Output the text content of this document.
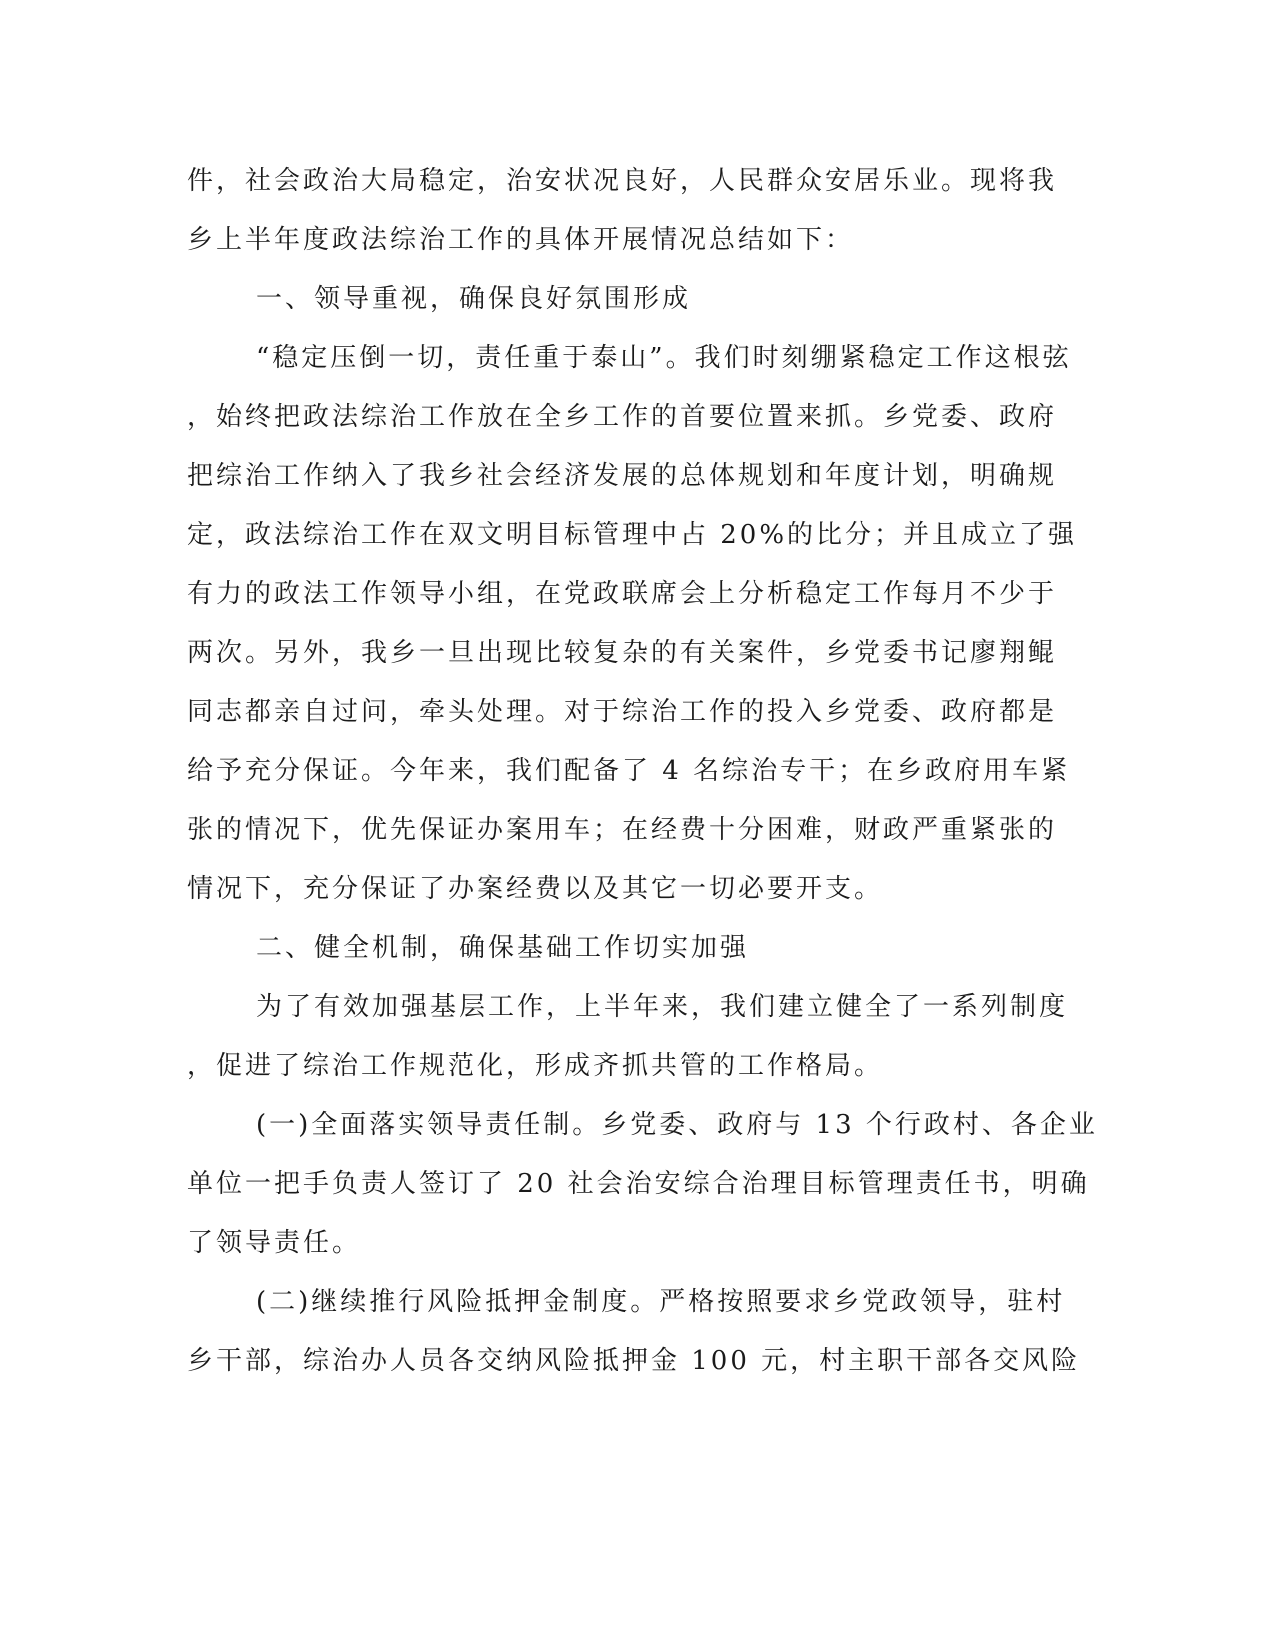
件，社会政治大局稳定，治安状况良好，人民群众安居乐业。现将我

乡上半年度政法综治工作的具体开展情况总结如下：

一、领导重视，确保良好氛围形成

“稳定压倒一切，责任重于泰山”。我们时刻绷紧稳定工作这根弦

，始终把政法综治工作放在全乡工作的首要位置来抓。乡党委、政府

把综治工作纳入了我乡社会经济发展的总体规划和年度计划，明确规

定，政法综治工作在双文明目标管理中占 20%的比分；并且成立了强

有力的政法工作领导小组，在党政联席会上分析稳定工作每月不少于

两次。另外，我乡一旦出现比较复杂的有关案件，乡党委书记廖翔鲲

同志都亲自过问，牵头处理。对于综治工作的投入乡党委、政府都是

给予充分保证。今年来，我们配备了 4 名综治专干；在乡政府用车紧

张的情况下，优先保证办案用车；在经费十分困难，财政严重紧张的

情况下，充分保证了办案经费以及其它一切必要开支。

二、健全机制，确保基础工作切实加强

为了有效加强基层工作，上半年来，我们建立健全了一系列制度

，促进了综治工作规范化，形成齐抓共管的工作格局。

(一)全面落实领导责任制。乡党委、政府与 13 个行政村、各企业

单位一把手负责人签订了 20 社会治安综合治理目标管理责任书，明确

了领导责任。

(二)继续推行风险抵押金制度。严格按照要求乡党政领导，驻村

乡干部，综治办人员各交纳风险抵押金 100 元，村主职干部各交风险
